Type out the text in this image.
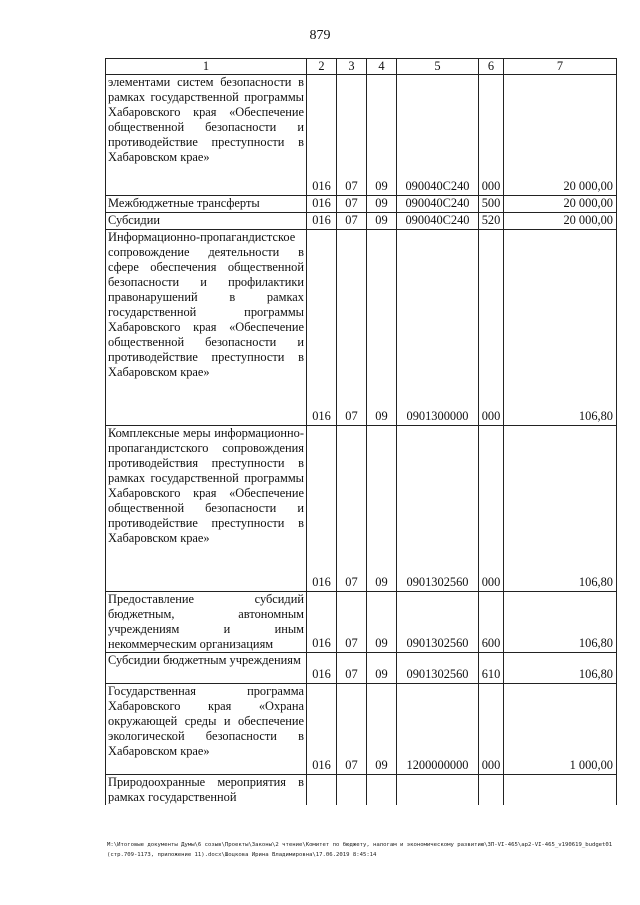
879
1	2	3	4	5	6	7
элементами систем безопасности в рамках государственной программы Хабаровского края «Обеспечение общественной безопасности и противодействие преступности в Хабаровском крае»	016	07	09	090040С240	000	20 000,00
Межбюджетные трансферты	016	07	09	090040С240	500	20 000,00
Субсидии	016	07	09	090040С240	520	20 000,00
Информационно-пропагандистское сопровождение деятельности в сфере обеспечения общественной безопасности и профилактики правонарушений в рамках государственной программы Хабаровского края «Обеспечение общественной безопасности и противодействие преступности в Хабаровском крае»	016	07	09	0901300000	000	106,80
Комплексные меры информационно-пропагандистского сопровождения противодействия преступности в рамках государственной программы Хабаровского края «Обеспечение общественной безопасности и противодействие преступности в Хабаровском крае»	016	07	09	0901302560	000	106,80
Предоставление субсидий бюджетным, автономным учреждениям и иным некоммерческим организациям	016	07	09	0901302560	600	106,80
Субсидии бюджетным учреждениям	016	07	09	0901302560	610	106,80
Государственная программа Хабаровского края «Охрана окружающей среды и обеспечение экологической безопасности в Хабаровском крае»	016	07	09	1200000000	000	1 000,00
Природоохранные мероприятия в рамках государственной						
M:\Итоговые документы Думы\6 созыв\Проекты\Законы\2 чтение\Комитет по бюджету, налогам и экономическому развитию\ЗП-VI-465\ар2-VI-465_v190619_budget01 (стр.709-1173, приложение 11).docx\Шоцкова Ирина Владимировна\17.06.2019 8:45:14
